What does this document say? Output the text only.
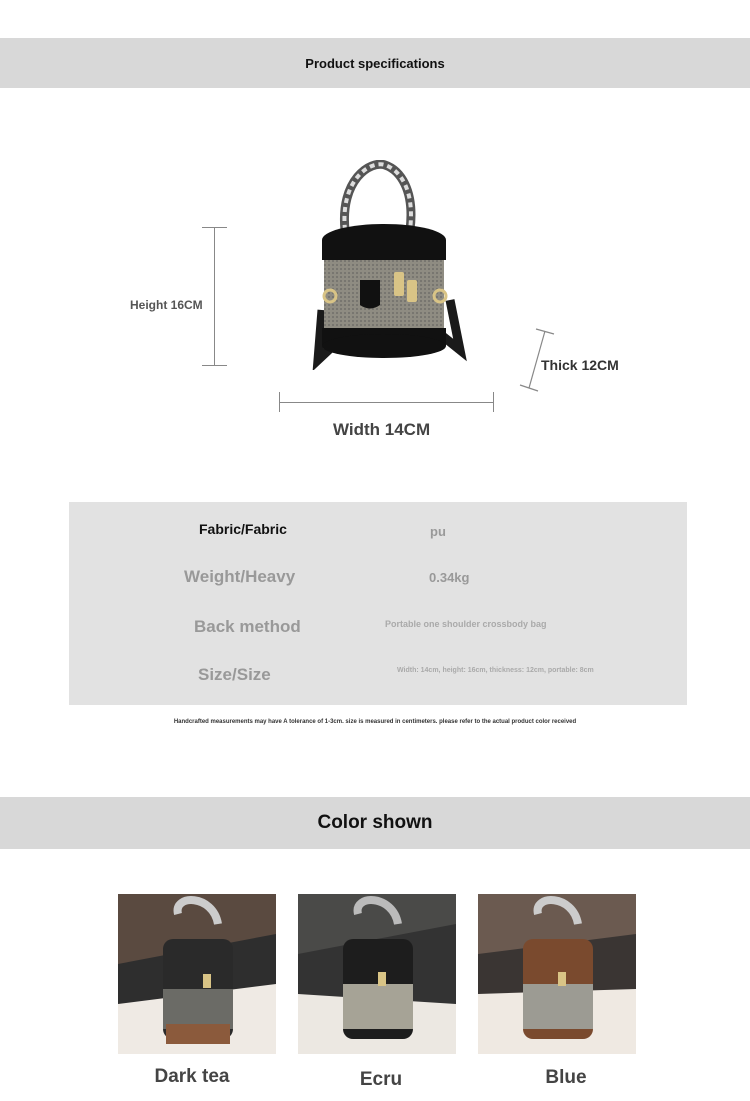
Product specifications
Height 16CM
Thick 12CM
Width 14CM
Fabric/Fabric	pu
Weight/Heavy	0.34kg
Back method	Portable one shoulder crossbody bag
Size/Size	Width: 14cm, height: 16cm, thickness: 12cm, portable: 8cm
Handcrafted measurements may have A tolerance of 1-3cm. size is measured in centimeters. please refer to the actual product color received
Color shown
Dark tea	Ecru	Blue
